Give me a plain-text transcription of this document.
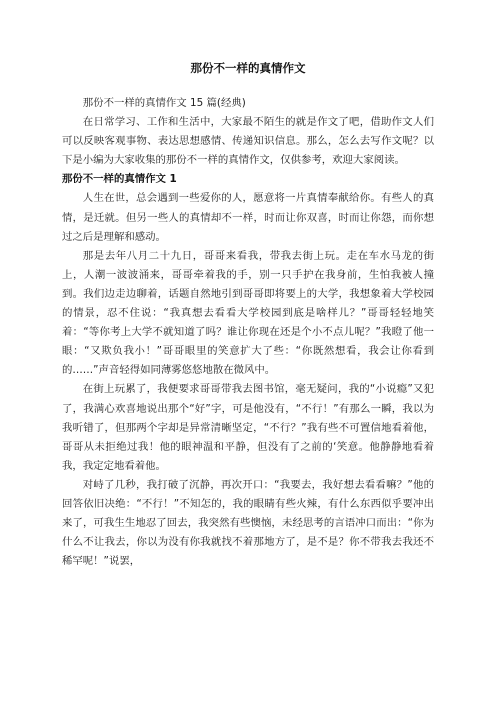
那份不一样的真情作文

那份不一样的真情作文 15 篇(经典)

在日常学习、工作和生活中，大家最不陌生的就是作文了吧，借助作文人们可以反映客观事物、表达思想感情、传递知识信息。那么，怎么去写作文呢？以下是小编为大家收集的那份不一样的真情作文，仅供参考，欢迎大家阅读。

那份不一样的真情作文 1

人生在世，总会遇到一些爱你的人，愿意将一片真情奉献给你。有些人的真情，是迁就。但另一些人的真情却不一样，时而让你双喜，时而让你怨，而你想过之后是理解和感动。

那是去年八月二十九日，哥哥来看我，带我去街上玩。走在车水马龙的街上，人潮一波波涌来，哥哥牵着我的手，别一只手护在我身前，生怕我被人撞到。我们边走边聊着，话题自然地引到哥哥即将要上的大学，我想象着大学校园的情景，忍不住说：“我真想去看看大学校园到底是啥样儿？”哥哥轻轻地笑着：“等你考上大学不就知道了吗？谁让你现在还是个小不点儿呢？”我瞪了他一眼：“又欺负我小！”哥哥眼里的笑意扩大了些：“你既然想看，我会让你看到的……”声音轻得如同薄雾悠悠地散在微风中。

在街上玩累了，我便要求哥哥带我去图书馆，毫无疑问，我的“小说瘾”又犯了，我满心欢喜地说出那个“好”字，可是他没有，“不行！”有那么一瞬，我以为我听错了，但那两个字却是异常清晰坚定，“不行？”我有些不可置信地看着他，哥哥从未拒绝过我！他的眼神温和平静，但没有了之前的‘笑意。他静静地看着我，我定定地看着他。

对峙了几秒，我打破了沉静，再次开口：“我要去，我好想去看看嘛？”他的回答依旧决绝：“不行！”不知怎的，我的眼睛有些火辣，有什么东西似乎要冲出来了，可我生生地忍了回去，我突然有些懊恼，未经思考的言语冲口而出：“你为什么不让我去，你以为没有你我就找不着那地方了，是不是？你不带我去我还不稀罕呢！”说罢，
